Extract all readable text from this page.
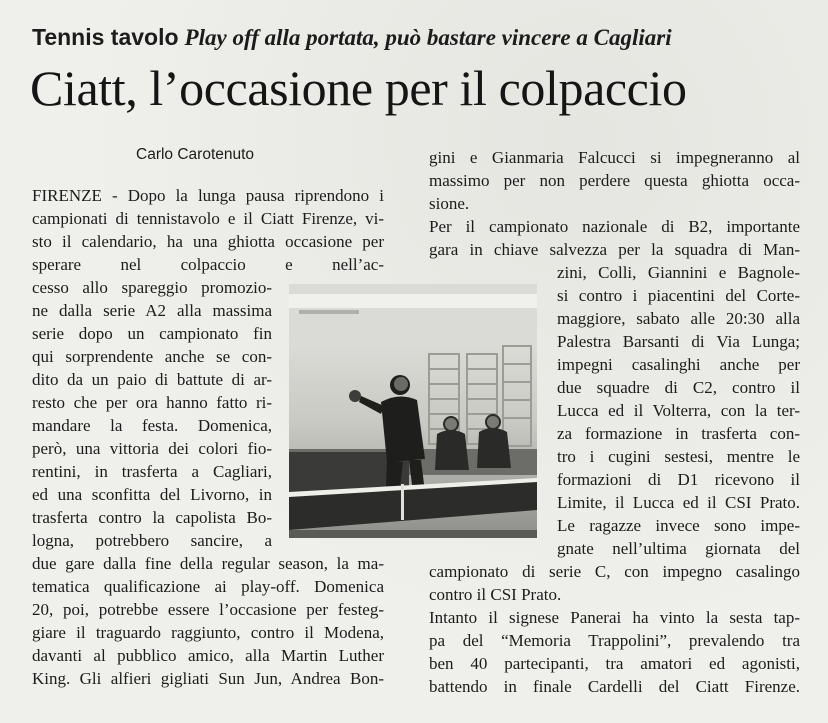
Tennis tavolo Play off alla portata, può bastare vincere a Cagliari
Ciatt, l’occasione per il colpaccio
Carlo Carotenuto
FIRENZE - Dopo la lunga pausa riprendono i
campionati di tennistavolo e il Ciatt Firenze, vi-
sto il calendario, ha una ghiotta occasione per
sperare nel colpaccio e nell’ac-
cesso allo spareggio promozio-
ne dalla serie A2 alla massima
serie dopo un campionato fin
qui sorprendente anche se con-
dito da un paio di battute di ar-
resto che per ora hanno fatto ri-
mandare la festa. Domenica,
però, una vittoria dei colori fio-
rentini, in trasferta a Cagliari,
ed una sconfitta del Livorno, in
trasferta contro la capolista Bo-
logna, potrebbero sancire, a
due gare dalla fine della regular season, la ma-
tematica qualificazione ai play-off. Domenica
20, poi, potrebbe essere l’occasione per festeg-
giare il traguardo raggiunto, contro il Modena,
davanti al pubblico amico, alla Martin Luther
King. Gli alfieri gigliati Sun Jun, Andrea Bon-
gini e Gianmaria Falcucci si impegneranno al
massimo per non perdere questa ghiotta occa-
sione.
Per il campionato nazionale di B2, importante
gara in chiave salvezza per la squadra di Man-
zini, Colli, Giannini e Bagnole-
si contro i piacentini del Corte-
maggiore, sabato alle 20:30 alla
Palestra Barsanti di Via Lunga;
impegni casalinghi anche per
due squadre di C2, contro il
Lucca ed il Volterra, con la ter-
za formazione in trasferta con-
tro i cugini sestesi, mentre le
formazioni di D1 ricevono il
Limite, il Lucca ed il CSI Prato.
Le ragazze invece sono impe-
gnate nell’ultima giornata del
campionato di serie C, con impegno casalingo
contro il CSI Prato.
Intanto il signese Panerai ha vinto la sesta tap-
pa del “Memoria Trappolini”, prevalendo tra
ben 40 partecipanti, tra amatori ed agonisti,
battendo in finale Cardelli del Ciatt Firenze.
